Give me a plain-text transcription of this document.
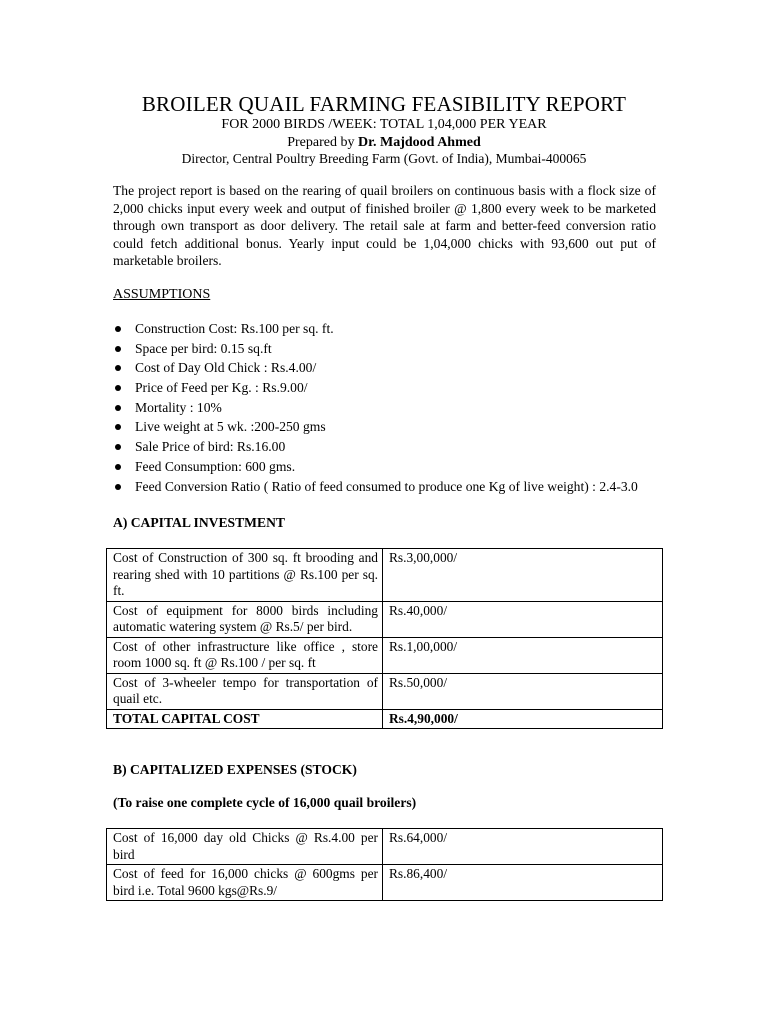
BROILER QUAIL FARMING FEASIBILITY REPORT
FOR 2000 BIRDS /WEEK: TOTAL 1,04,000 PER YEAR
Prepared by Dr. Majdood Ahmed
Director, Central Poultry Breeding Farm (Govt. of India), Mumbai-400065

The project report is based on the rearing of quail broilers on continuous basis with a flock size of 2,000 chicks input every week and output of finished broiler @ 1,800 every week to be marketed through own transport as door delivery. The retail sale at farm and better-feed conversion ratio could fetch additional bonus. Yearly input could be 1,04,000 chicks with 93,600 out put of marketable broilers.

ASSUMPTIONS
Construction Cost: Rs.100 per sq. ft.
Space per bird: 0.15 sq.ft
Cost of Day Old Chick : Rs.4.00/
Price of Feed per Kg. : Rs.9.00/
Mortality : 10%
Live weight at 5 wk. :200-250 gms
Sale Price of bird: Rs.16.00
Feed Consumption: 600 gms.
Feed Conversion Ratio ( Ratio of feed consumed to produce one Kg of live weight) : 2.4-3.0
A) CAPITAL INVESTMENT
Cost of Construction of 300 sq. ft brooding and rearing shed with 10 partitions @ Rs.100 per sq. ft.	Rs.3,00,000/
Cost of equipment for 8000 birds including automatic watering system @ Rs.5/ per bird.	Rs.40,000/
Cost of other infrastructure like office , store room 1000 sq. ft @ Rs.100 / per sq. ft	Rs.1,00,000/
Cost of 3-wheeler tempo for transportation of quail etc.	Rs.50,000/
TOTAL CAPITAL COST	Rs.4,90,000/
B) CAPITALIZED EXPENSES (STOCK)
(To raise one complete cycle of 16,000 quail broilers)
Cost of 16,000 day old Chicks @ Rs.4.00 per bird	Rs.64,000/
Cost of feed for 16,000 chicks @ 600gms per bird i.e. Total 9600 kgs@Rs.9/	Rs.86,400/
